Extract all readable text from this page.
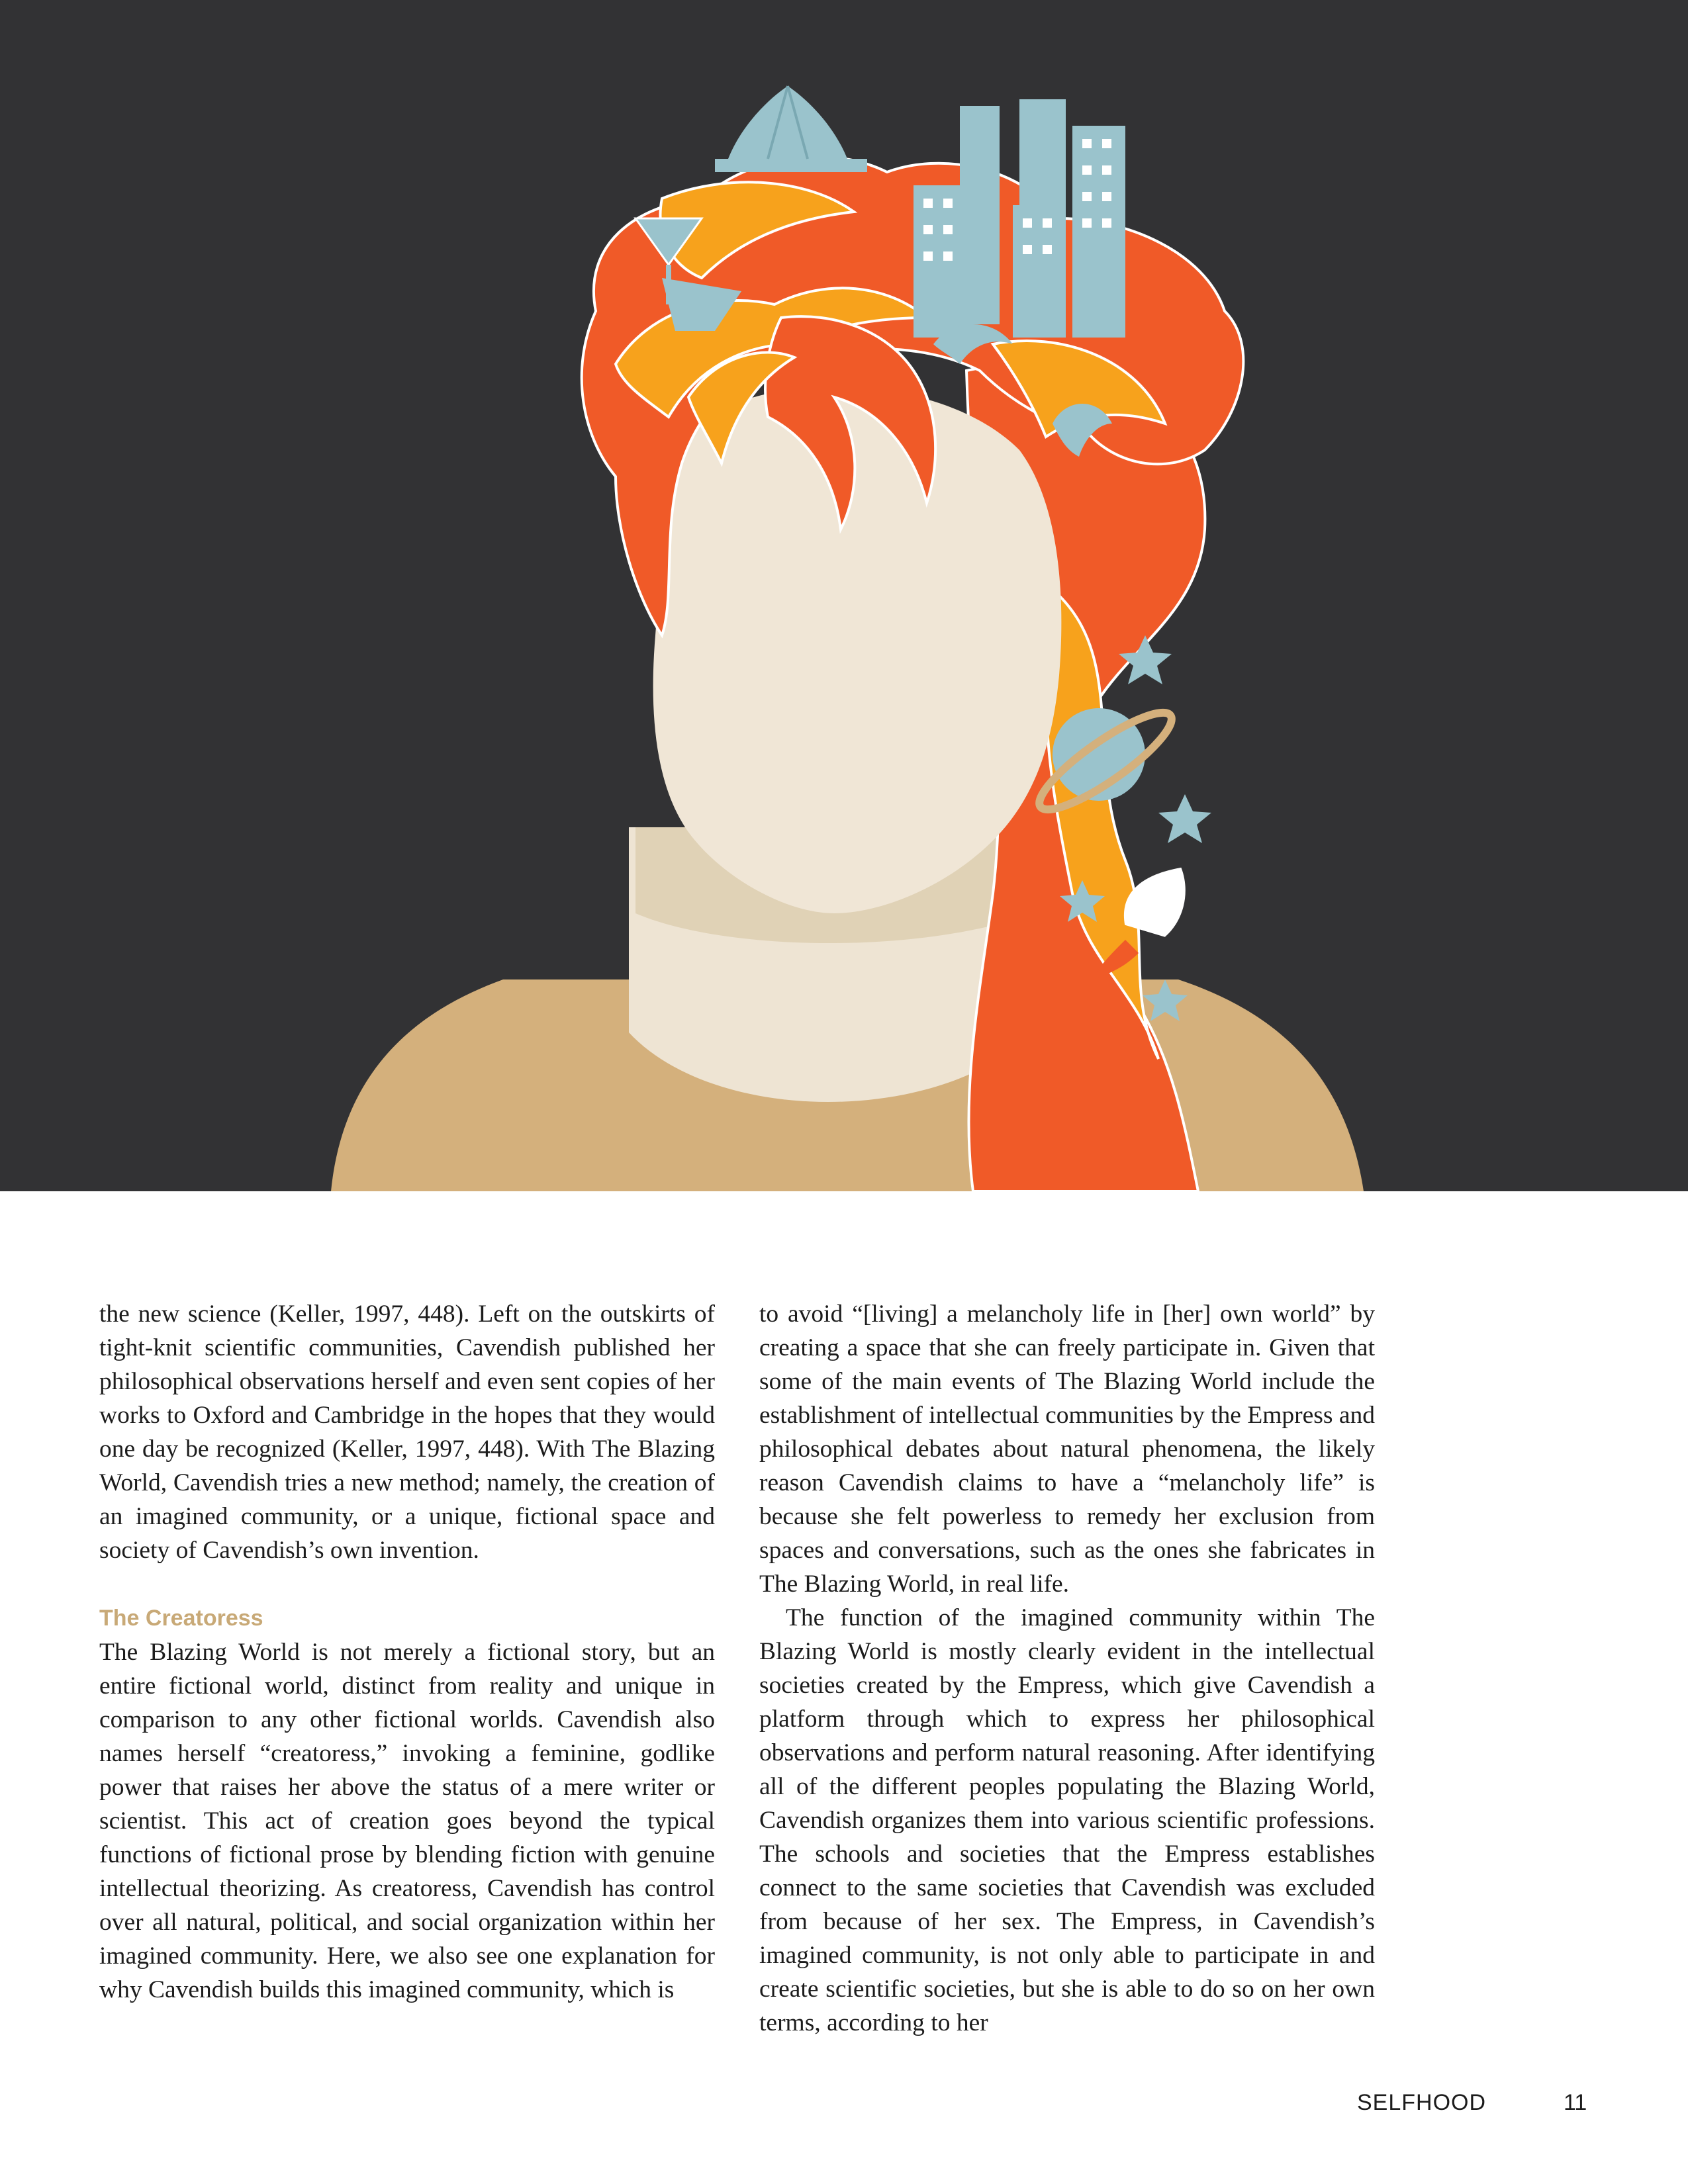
the new science (Keller, 1997, 448). Left on the outskirts of tight-knit scientific communities, Cavendish published her philosophical observations herself and even sent copies of her works to Oxford and Cambridge in the hopes that they would one day be recognized (Keller, 1997, 448). With The Blazing World, Cavendish tries a new method; namely, the creation of an imagined community, or a unique, fictional space and society of Cavendish’s own invention.

The Creatoress

The Blazing World is not merely a fictional story, but an entire fictional world, distinct from reality and unique in comparison to any other fictional worlds. Cavendish also names herself “creatoress,” invoking a feminine, godlike power that raises her above the status of a mere writer or scientist. This act of creation goes beyond the typical functions of fictional prose by blending fiction with genuine intellectual theorizing. As creatoress, Cavendish has control over all natural, political, and social organization within her imagined community. Here, we also see one explanation for why Cavendish builds this imagined community, which is

to avoid “[living] a melancholy life in [her] own world” by creating a space that she can freely participate in. Given that some of the main events of The Blazing World include the establishment of intellectual communities by the Empress and philosophical debates about natural phenomena, the likely reason Cavendish claims to have a “melancholy life” is because she felt powerless to remedy her exclusion from spaces and conversations, such as the ones she fabricates in The Blazing World, in real life.

The function of the imagined community within The Blazing World is mostly clearly evident in the intellectual societies created by the Empress, which give Cavendish a platform through which to express her philosophical observations and perform natural reasoning. After identifying all of the different peoples populating the Blazing World, Cavendish organizes them into various scientific professions. The schools and societies that the Empress establishes connect to the same societies that Cavendish was excluded from because of her sex. The Empress, in Cavendish’s imagined community, is not only able to participate in and create scientific societies, but she is able to do so on her own terms, according to her

SELFHOOD	11
